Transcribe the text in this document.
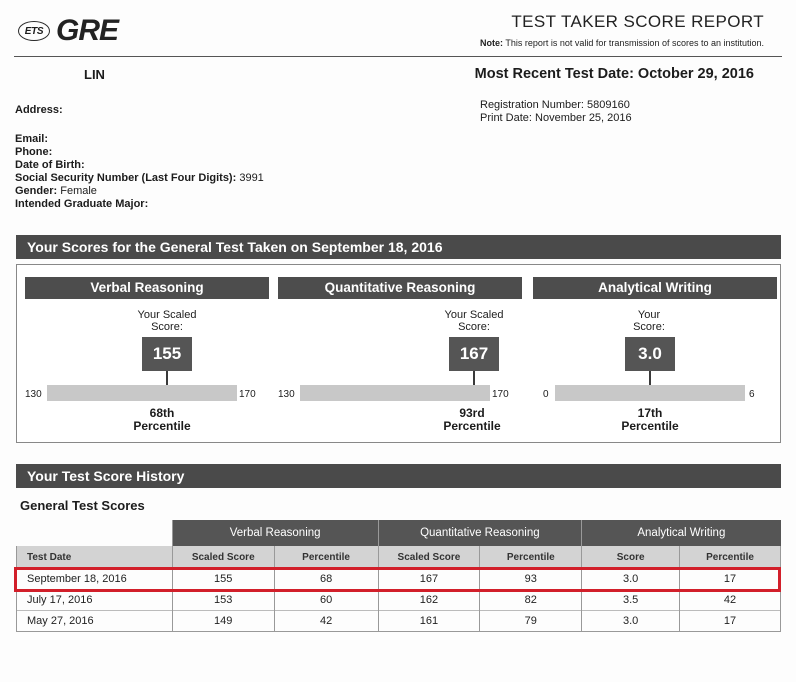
ETS GRE	TEST TAKER SCORE REPORT
Note: This report is not valid for transmission of scores to an institution.
LIN	Most Recent Test Date: October 29, 2016
Registration Number: 5809160
Print Date: November 25, 2016
Address:
Email:
Phone:
Date of Birth:
Social Security Number (Last Four Digits): 3991
Gender: Female
Intended Graduate Major:
Your Scores for the General Test Taken on September 18, 2016
Verbal Reasoning
Your Scaled
Score:
155
130	170
68th
Percentile
Quantitative Reasoning
Your Scaled
Score:
167
130	170
93rd
Percentile
Analytical Writing
Your
Score:
3.0
0	6
17th
Percentile
Your Test Score History
General Test Scores
	Verbal Reasoning		Quantitative Reasoning		Analytical Writing	
Test Date	Scaled Score	Percentile	Scaled Score	Percentile	Score	Percentile
September 18, 2016	155	68	167	93	3.0	17
July 17, 2016	153	60	162	82	3.5	42
May 27, 2016	149	42	161	79	3.0	17
